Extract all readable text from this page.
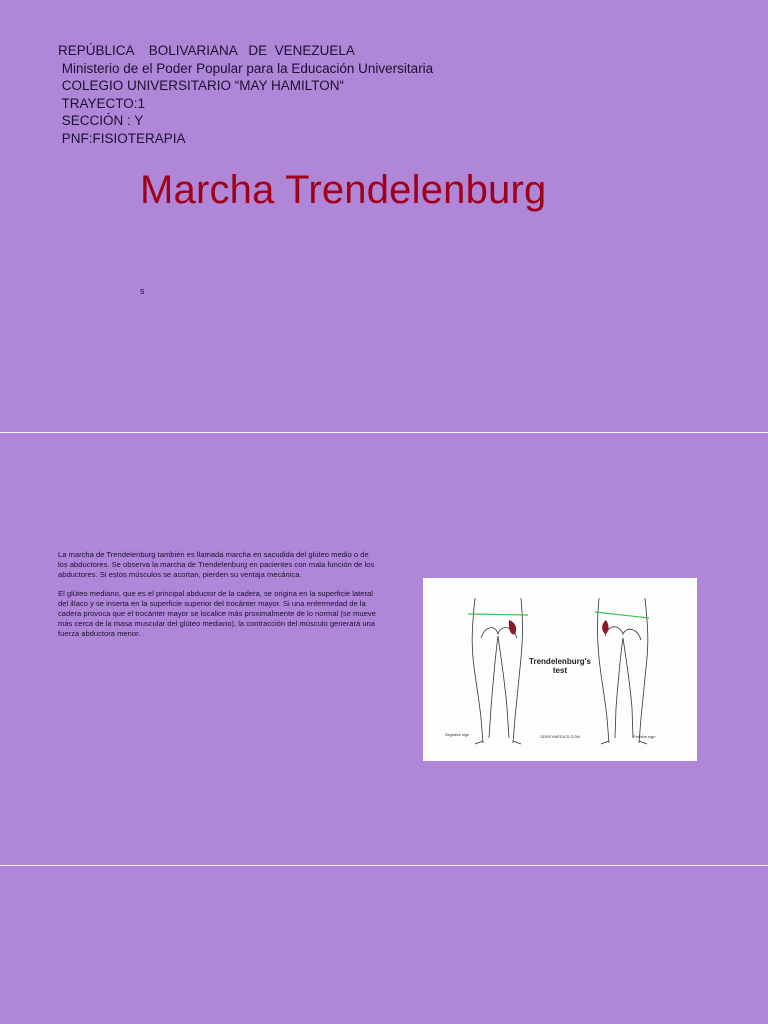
REPÚBLICA    BOLIVARIANA   DE  VENEZUELA
Ministerio de el Poder Popular para la Educación Universitaria
COLEGIO UNIVERSITARIO “MAY HAMILTON“
TRAYECTO:1
SECCIÓN : Y
PNF:FISIOTERAPIA
Marcha Trendelenburg
s

La marcha de Trendelenburg también es llamada marcha en sacudida del glúteo medio o de los abductores. Se observa la marcha de Trendelenburg en pacientes con mala función de los abductores. Si estos músculos se acortan, pierden su ventaja mecánica.

El glúteo mediano, que es el principal abductor de la cadera, se origina en la superficie lateral del ilíaco y se inserta en la superficie superior del trocánter mayor. Si una enfermedad de la cadera provoca que el trocánter mayor se localice más proximalmente de lo normal (se mueve más cerca de la masa muscular del glúteo mediano), la contracción del músculo generará una fuerza abductora menor.

Trendelenburg's
test
Negative sign	GEEKYMEDICS.COM	Positive sign
